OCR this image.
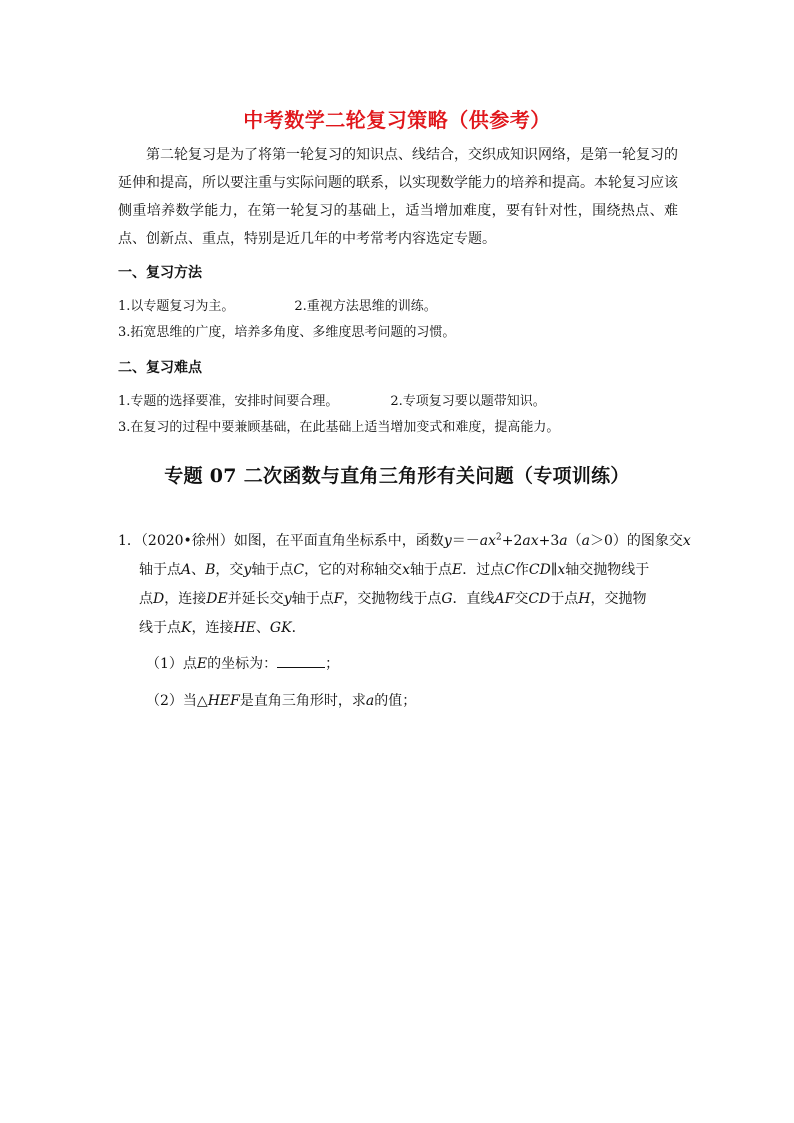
中考数学二轮复习策略（供参考）
第二轮复习是为了将第一轮复习的知识点、线结合，交织成知识网络，是第一轮复习的延伸和提高，所以要注重与实际问题的联系，以实现数学能力的培养和提高。本轮复习应该侧重培养数学能力，在第一轮复习的基础上，适当增加难度，要有针对性，围绕热点、难点、创新点、重点，特别是近几年的中考常考内容选定专题。
一、复习方法
1.以专题复习为主。	2.重视方法思维的训练。
3.拓宽思维的广度，培养多角度、多维度思考问题的习惯。
二、复习难点
1.专题的选择要准，安排时间要合理。	2.专项复习要以题带知识。
3.在复习的过程中要兼顾基础，在此基础上适当增加变式和难度，提高能力。
专题 07 二次函数与直角三角形有关问题（专项训练）
1．（2020•徐州）如图，在平面直角坐标系中，函数$y=-ax^2+2ax+3a(a>0)$的图象交x
轴于点A、B，交y轴于点C，它的对称轴交x轴于点E．过点C作CD∥x轴交抛物线于
点D，连接DE并延长交y轴于点F，交抛物线于点G．直线AF交CD于点H，交抛物
线于点K，连接HE、GK．
（1）点E的坐标为：	；
（2）当△HEF是直角三角形时，求a的值；
